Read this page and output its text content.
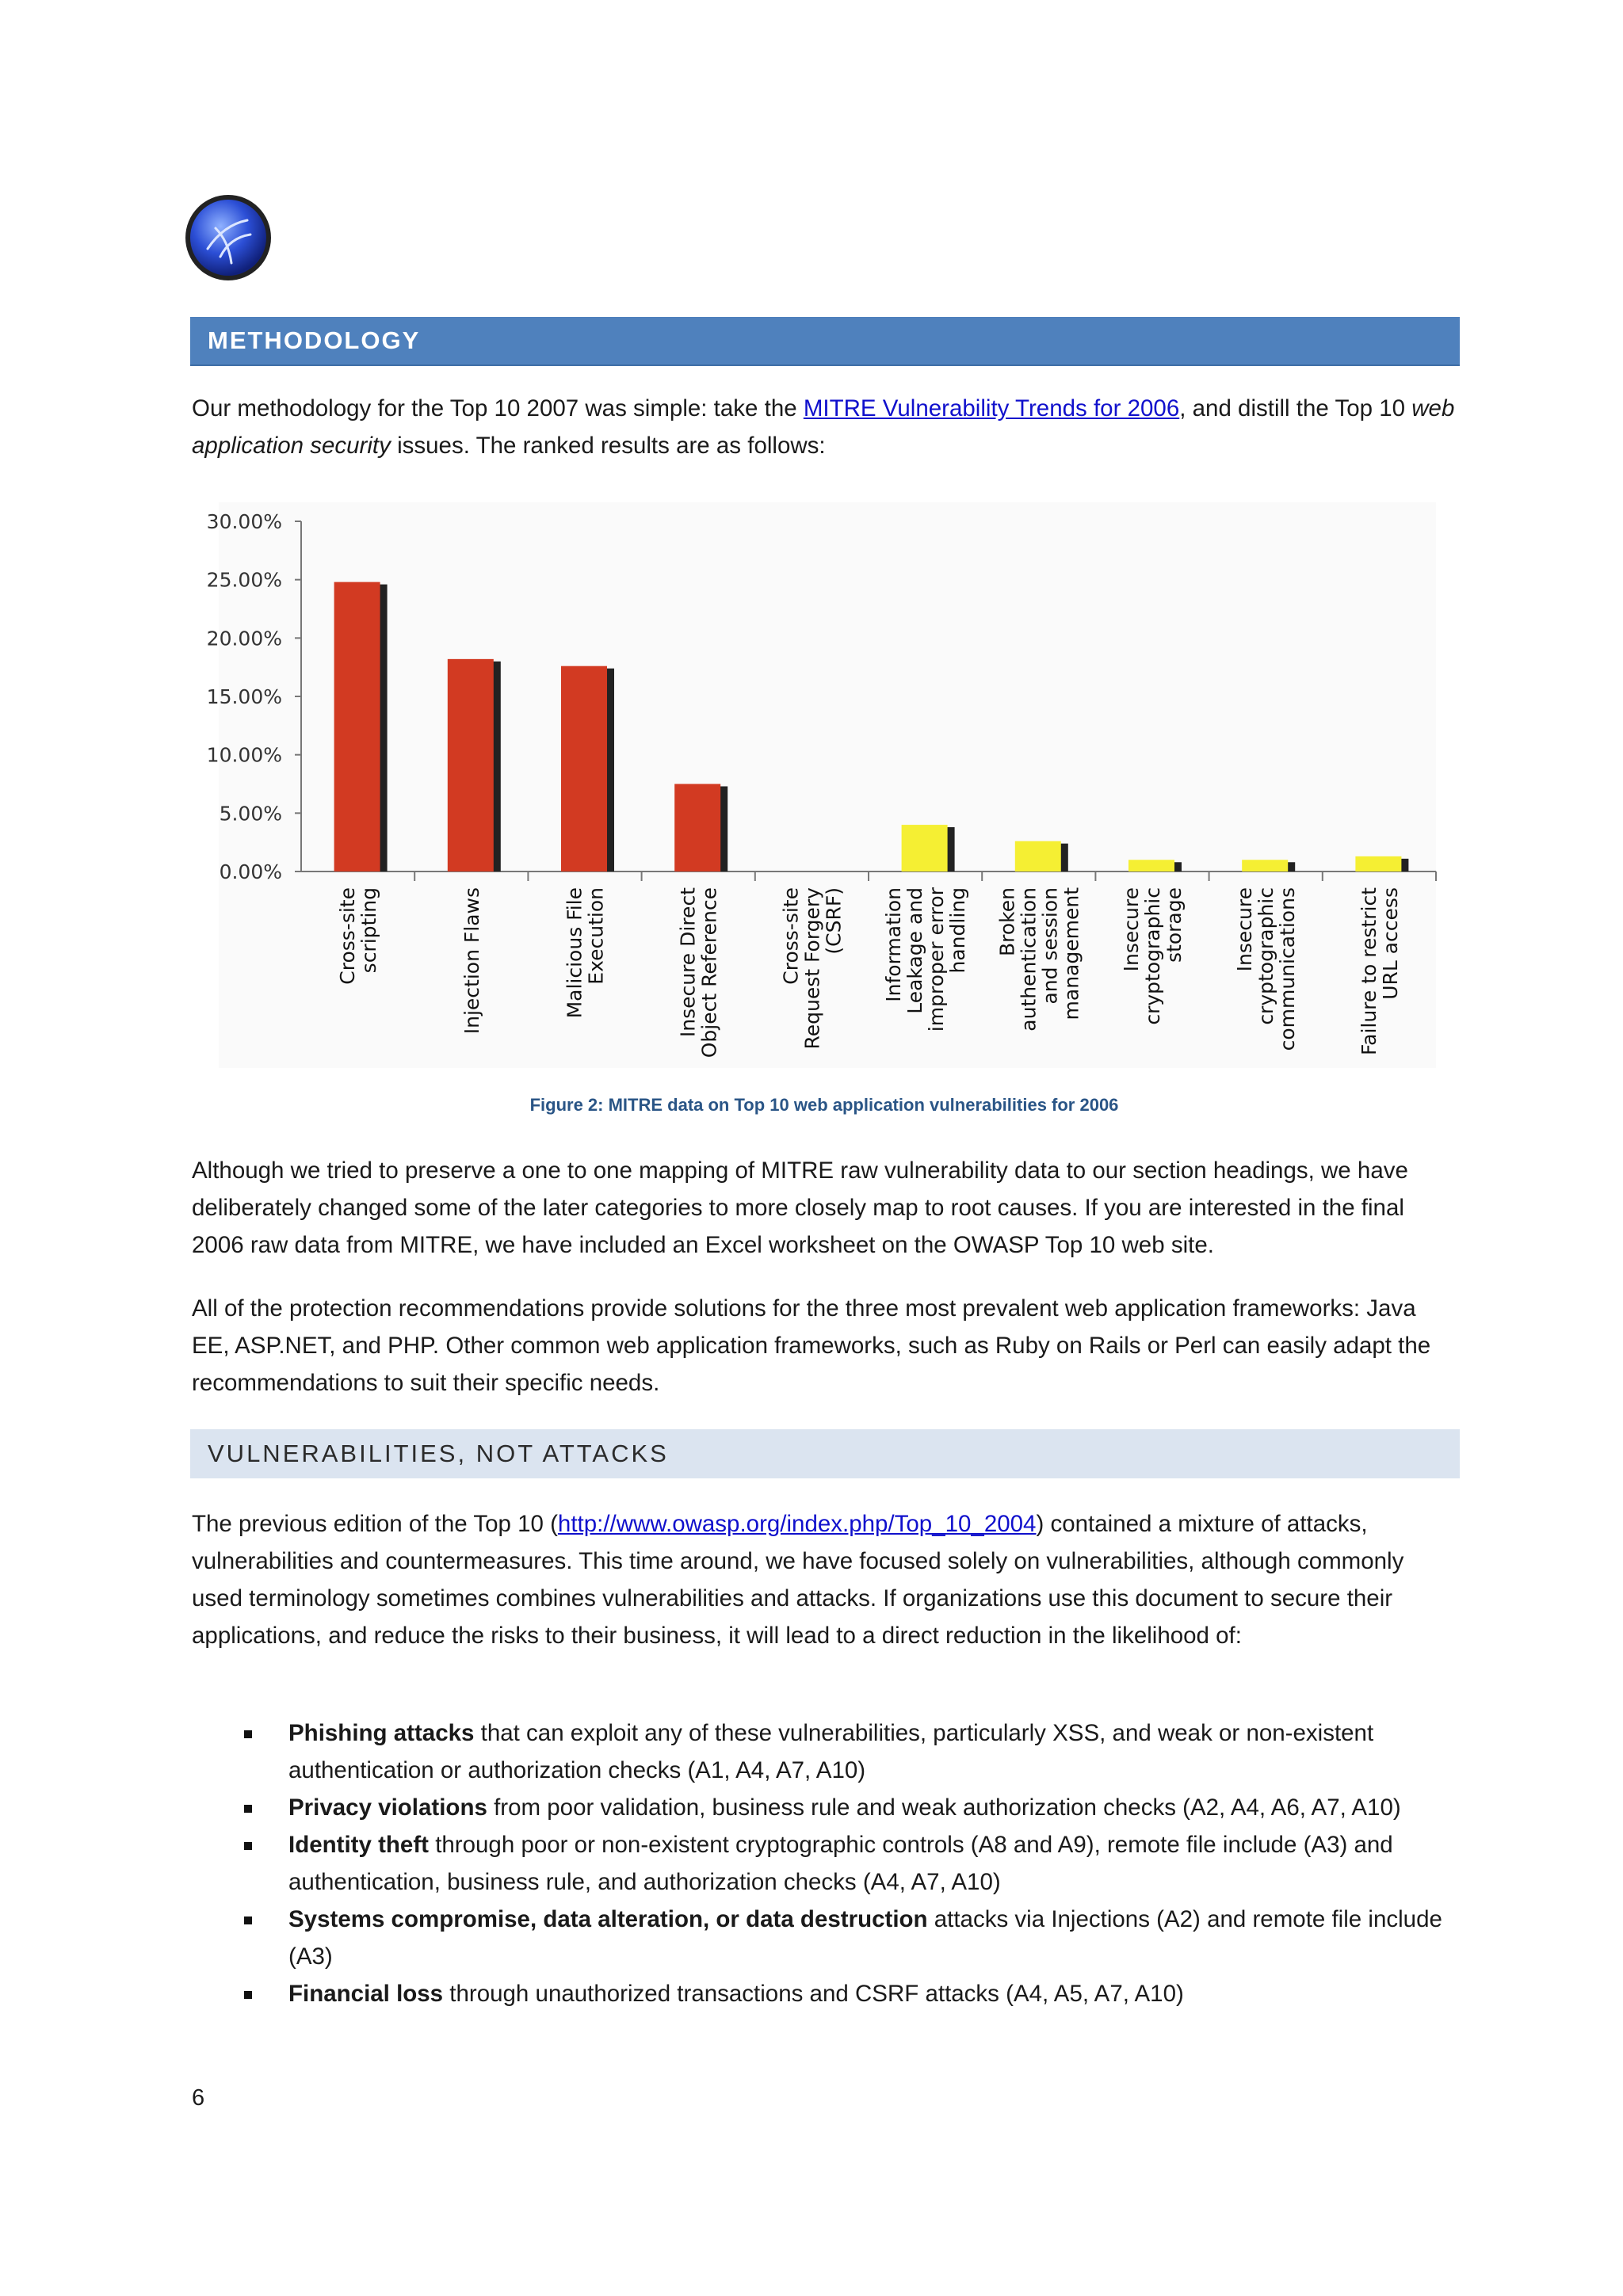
METHODOLOGY

Our methodology for the Top 10 2007 was simple: take the MITRE Vulnerability Trends for 2006, and distill the Top 10 web application security issues. The ranked results are as follows:

0.00%
5.00%
10.00%
15.00%
20.00%
25.00%
30.00%
Cross-site
scripting	Injection Flaws	Malicious File
Execution	Insecure Direct
Object Reference	Cross-site
Request Forgery
(CSRF) Information
Leakage and
improper error
handling Broken
authentication
and session
management Insecure
cryptographic
storage Insecure
cryptographic
communications	Failure to restrict
URL access
Figure 2: MITRE data on Top 10 web application vulnerabilities for 2006

Although we tried to preserve a one to one mapping of MITRE raw vulnerability data to our section headings, we have deliberately changed some of the later categories to more closely map to root causes. If you are interested in the final 2006 raw data from MITRE, we have included an Excel worksheet on the OWASP Top 10 web site.

All of the protection recommendations provide solutions for the three most prevalent web application frameworks: Java EE, ASP.NET, and PHP. Other common web application frameworks, such as Ruby on Rails or Perl can easily adapt the recommendations to suit their specific needs.

VULNERABILITIES, NOT ATTACKS

The previous edition of the Top 10 (http://www.owasp.org/index.php/Top_10_2004) contained a mixture of attacks, vulnerabilities and countermeasures. This time around, we have focused solely on vulnerabilities, although commonly used terminology sometimes combines vulnerabilities and attacks. If organizations use this document to secure their applications, and reduce the risks to their business, it will lead to a direct reduction in the likelihood of:

Phishing attacks that can exploit any of these vulnerabilities, particularly XSS, and weak or non-existent authentication or authorization checks (A1, A4, A7, A10)
Privacy violations from poor validation, business rule and weak authorization checks (A2, A4, A6, A7, A10)
Identity theft through poor or non-existent cryptographic controls (A8 and A9), remote file include (A3) and authentication, business rule, and authorization checks (A4, A7, A10)
Systems compromise, data alteration, or data destruction attacks via Injections (A2) and remote file include (A3)
Financial loss through unauthorized transactions and CSRF attacks (A4, A5, A7, A10)
6
